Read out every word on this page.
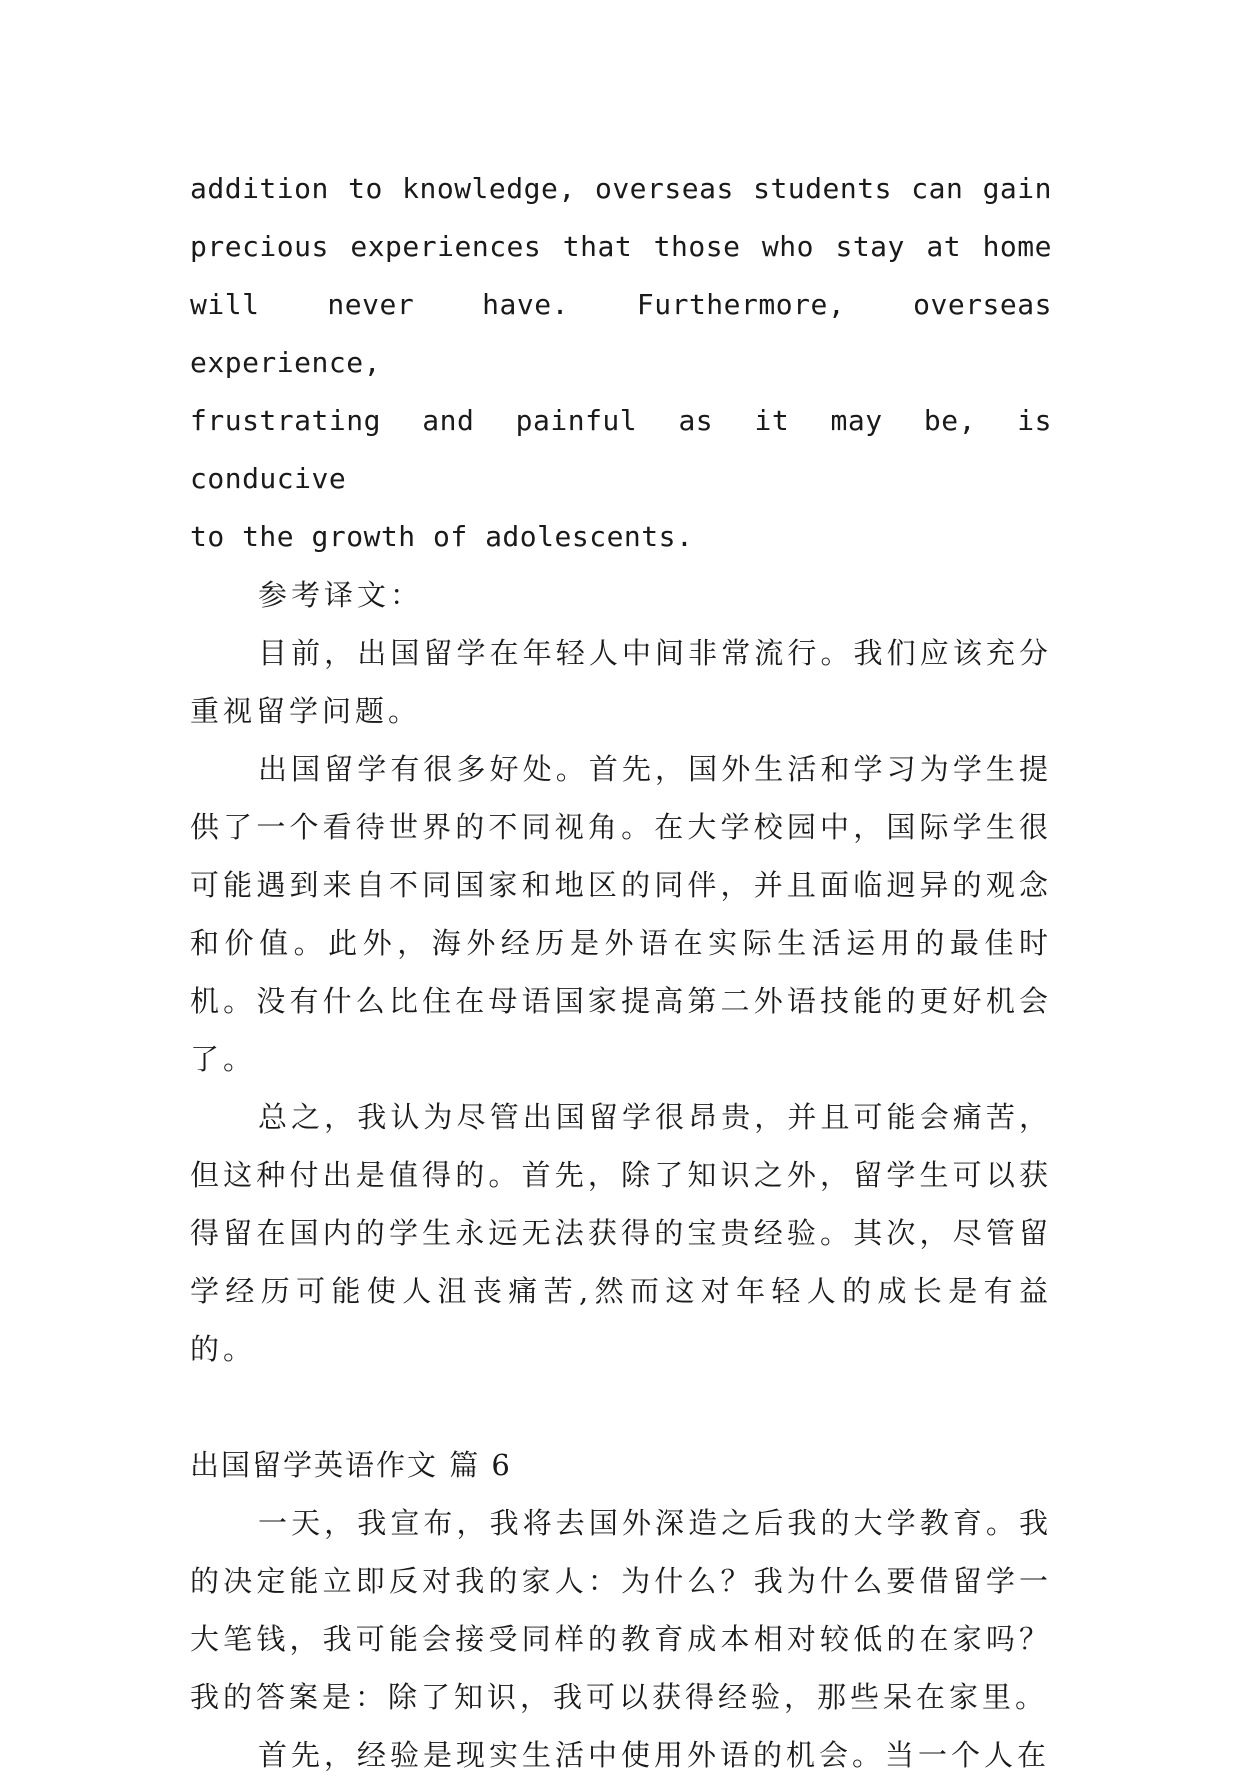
addition to knowledge, overseas students can gain
precious experiences that those who stay at home
will never have. Furthermore, overseas experience,
frustrating and painful as it may be, is conducive
to the growth of adolescents.
参考译文：
目前，出国留学在年轻人中间非常流行。我们应该充分重视留学问题。
出国留学有很多好处。首先，国外生活和学习为学生提供了一个看待世界的不同视角。在大学校园中，国际学生很可能遇到来自不同国家和地区的同伴，并且面临迥异的观念和价值。此外，海外经历是外语在实际生活运用的最佳时机。没有什么比住在母语国家提高第二外语技能的更好机会了。
总之，我认为尽管出国留学很昂贵，并且可能会痛苦，但这种付出是值得的。首先，除了知识之外，留学生可以获得留在国内的学生永远无法获得的宝贵经验。其次，尽管留学经历可能使人沮丧痛苦,然而这对年轻人的成长是有益的。
出国留学英语作文 篇 6
一天，我宣布，我将去国外深造之后我的大学教育。我的决定能立即反对我的家人：为什么？我为什么要借留学一大笔钱，我可能会接受同样的教育成本相对较低的在家吗？我的答案是：除了知识，我可以获得经验，那些呆在家里。
首先，经验是现实生活中使用外语的机会。当一个人在
